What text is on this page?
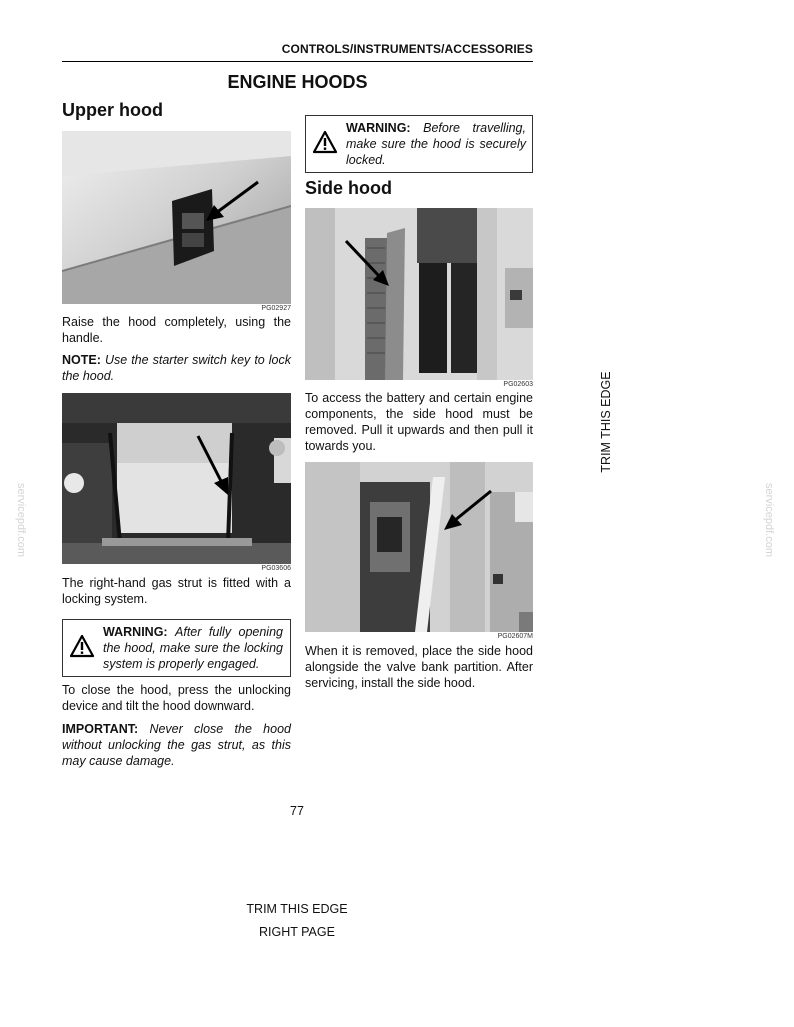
CONTROLS/INSTRUMENTS/ACCESSORIES
ENGINE HOODS
Upper hood
PG02927
Raise the hood completely, using the handle.
NOTE: Use the starter switch key to lock the hood.
PG03606
The right-hand gas strut is fitted with a locking system.
WARNING: After fully opening the hood, make sure the locking system is properly engaged.
To close the hood, press the unlocking device and tilt the hood downward.
IMPORTANT: Never close the hood without unlocking the gas strut, as this may cause damage.
WARNING: Before travelling, make sure the hood is securely locked.
Side hood
PG02603
To access the battery and certain engine components, the side hood must be removed. Pull it upwards and then pull it towards you.
PG02607M
When it is removed, place the side hood alongside the valve bank partition. After servicing, install the side hood.
77
TRIM THIS EDGE
RIGHT PAGE
TRIM THIS EDGE
servicepdf.com	servicepdf.com
